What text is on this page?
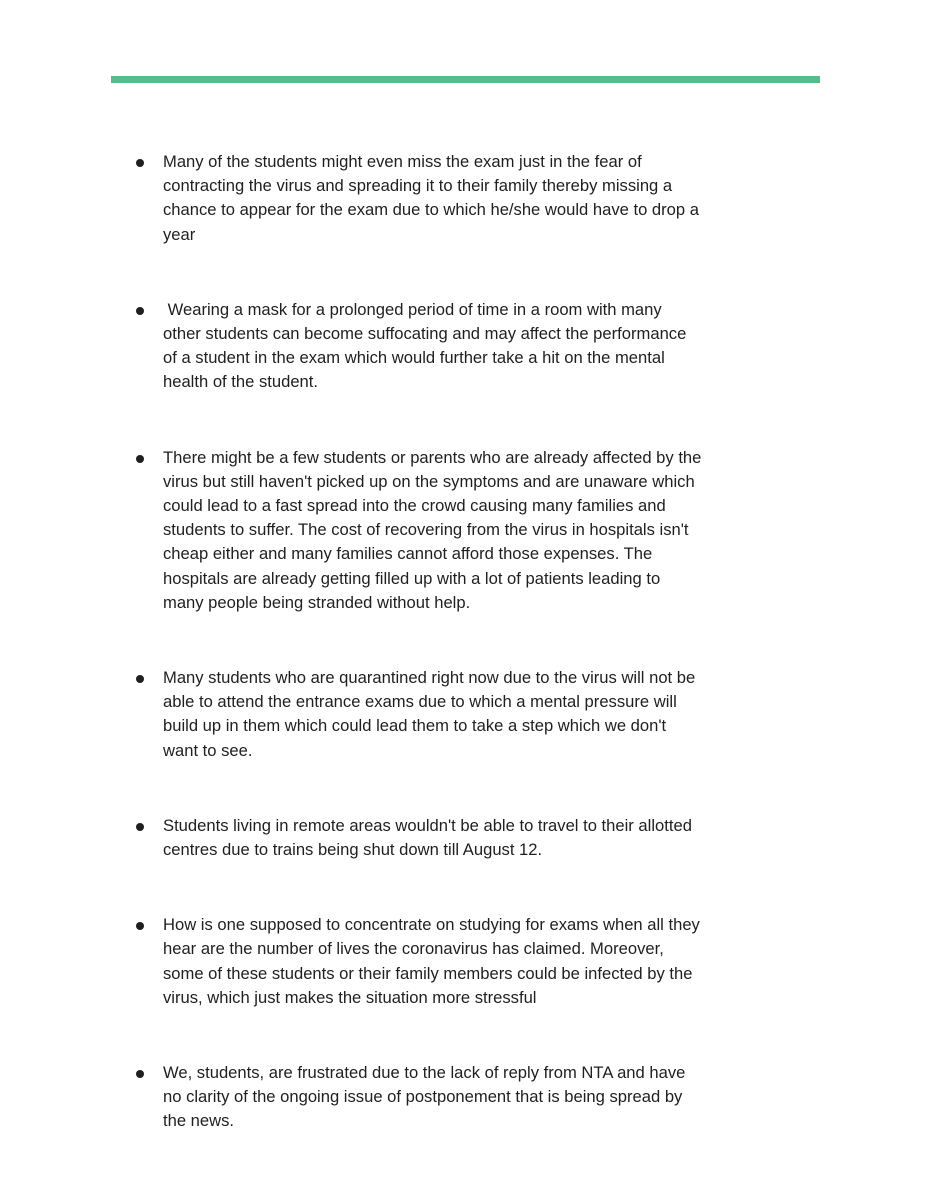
Many of the students might even miss the exam just in the fear of contracting the virus and spreading it to their family thereby missing a chance to appear for the exam due to which he/she would have to drop a year
Wearing a mask for a prolonged period of time in a room with many other students can become suffocating and may affect the performance of a student in the exam which would further take a hit on the mental health of the student.
There might be a few students or parents who are already affected by the virus but still haven't picked up on the symptoms and are unaware which could lead to a fast spread into the crowd causing many families and students to suffer. The cost of recovering from the virus in hospitals isn't cheap either and many families cannot afford those expenses. The hospitals are already getting filled up with a lot of patients leading to many people being stranded without help.
Many students who are quarantined right now due to the virus will not be able to attend the entrance exams due to which a mental pressure will build up in them which could lead them to take a step which we don't want to see.
Students living in remote areas wouldn't be able to travel to their allotted centres due to trains being shut down till August 12.
How is one supposed to concentrate on studying for exams when all they hear are the number of lives the coronavirus has claimed. Moreover, some of these students or their family members could be infected by the virus, which just makes the situation more stressful
We, students, are frustrated due to the lack of reply from NTA and have no clarity of the ongoing issue of postponement that is being spread by the news.
